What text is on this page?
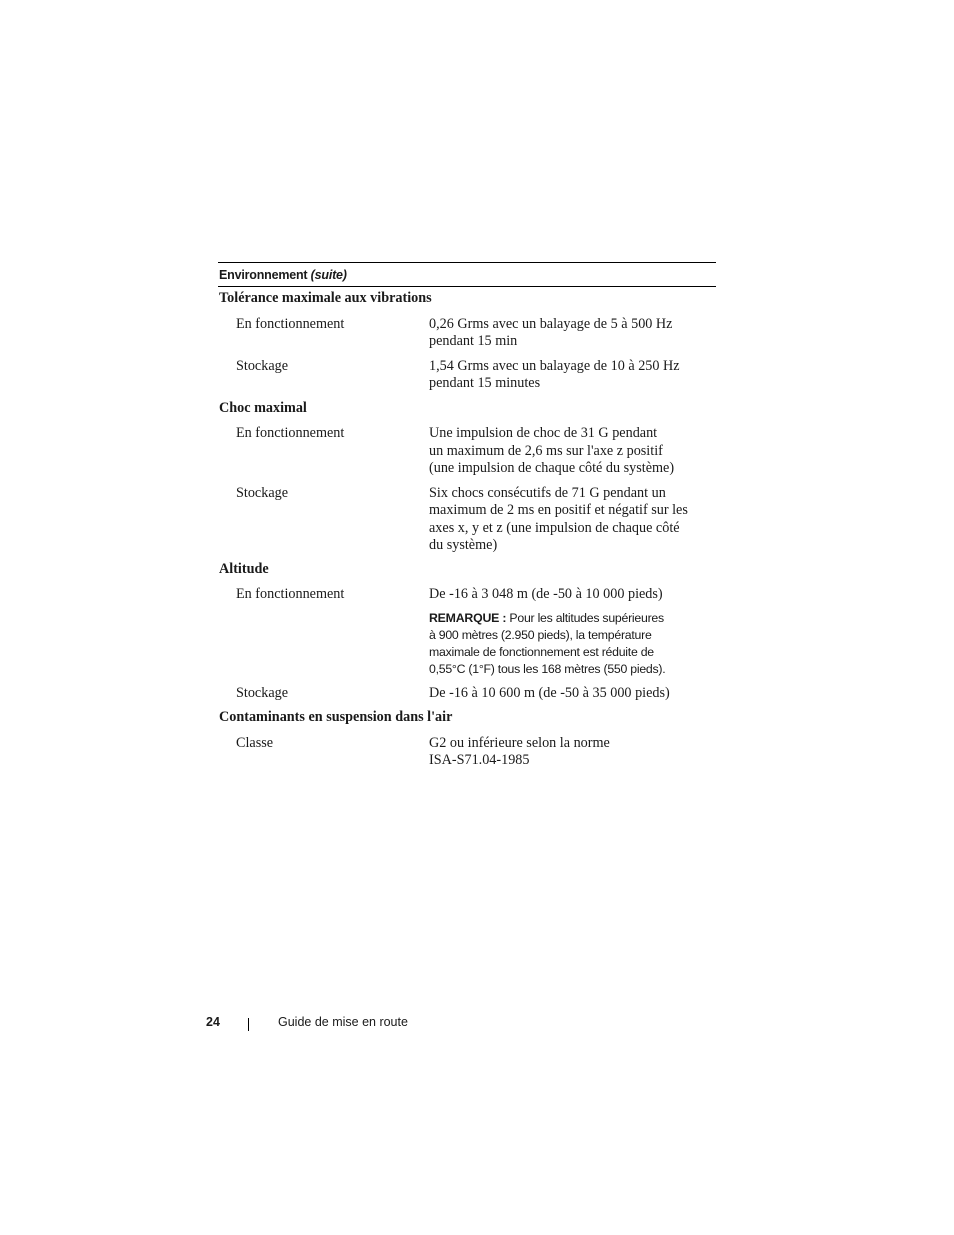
Environnement (suite)
Tolérance maximale aux vibrations
En fonctionnement	0,26 Grms avec un balayage de 5 à 500 Hz
pendant 15 min
Stockage	1,54 Grms avec un balayage de 10 à 250 Hz
pendant 15 minutes
Choc maximal
En fonctionnement	Une impulsion de choc de 31 G pendant
un maximum de 2,6 ms sur l'axe z positif
(une impulsion de chaque côté du système)
Stockage	Six chocs consécutifs de 71 G pendant un
maximum de 2 ms en positif et négatif sur les
axes x, y et z (une impulsion de chaque côté
du système)
Altitude
En fonctionnement	De -16 à 3 048 m (de -50 à 10 000 pieds)
REMARQUE : Pour les altitudes supérieures
à 900 mètres (2.950 pieds), la température
maximale de fonctionnement est réduite de
0,55°C (1°F) tous les 168 mètres (550 pieds).
Stockage	De -16 à 10 600 m (de -50 à 35 000 pieds)
Contaminants en suspension dans l'air
Classe	G2 ou inférieure selon la norme
ISA-S71.04-1985
24	Guide de mise en route
